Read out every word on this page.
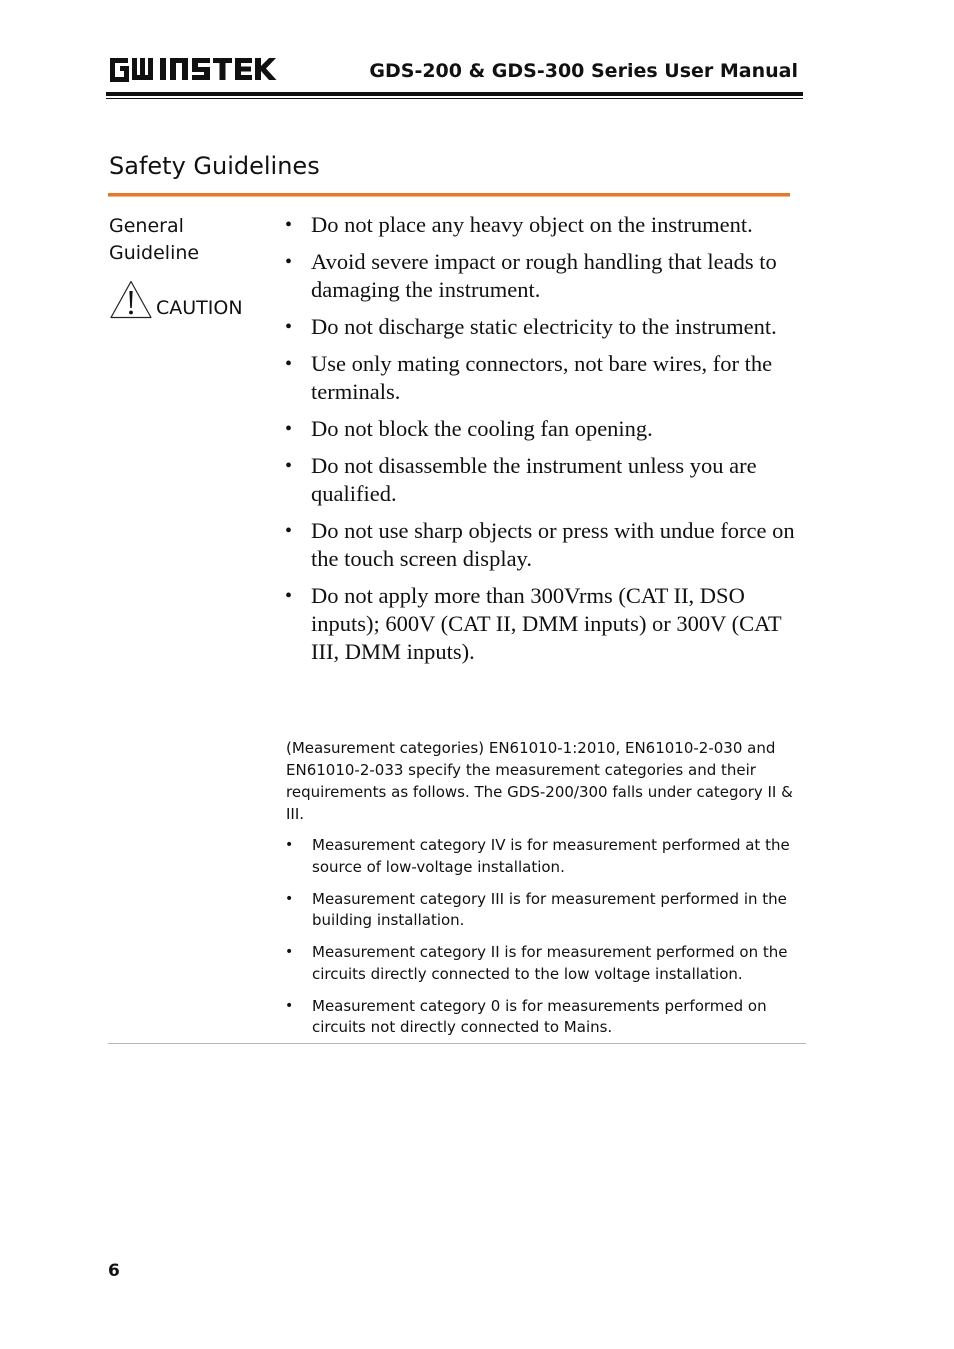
GDS-200 & GDS-300 Series User Manual
Safety Guidelines
General Guideline
CAUTION
• Do not place any heavy object on the instrument.
• Avoid severe impact or rough handling that leads to damaging the instrument.
• Do not discharge static electricity to the instrument.
• Use only mating connectors, not bare wires, for the terminals.
• Do not block the cooling fan opening.
• Do not disassemble the instrument unless you are qualified.
• Do not use sharp objects or press with undue force on the touch screen display.
• Do not apply more than 300Vrms (CAT II, DSO inputs); 600V (CAT II, DMM inputs) or 300V (CAT III, DMM inputs).

(Measurement categories) EN61010-1:2010, EN61010-2-030 and EN61010-2-033 specify the measurement categories and their requirements as follows. The GDS-200/300 falls under category II & III.

• Measurement category IV is for measurement performed at the source of low-voltage installation.
• Measurement category III is for measurement performed in the building installation.
• Measurement category II is for measurement performed on the circuits directly connected to the low voltage installation.
• Measurement category 0 is for measurements performed on circuits not directly connected to Mains.
6
